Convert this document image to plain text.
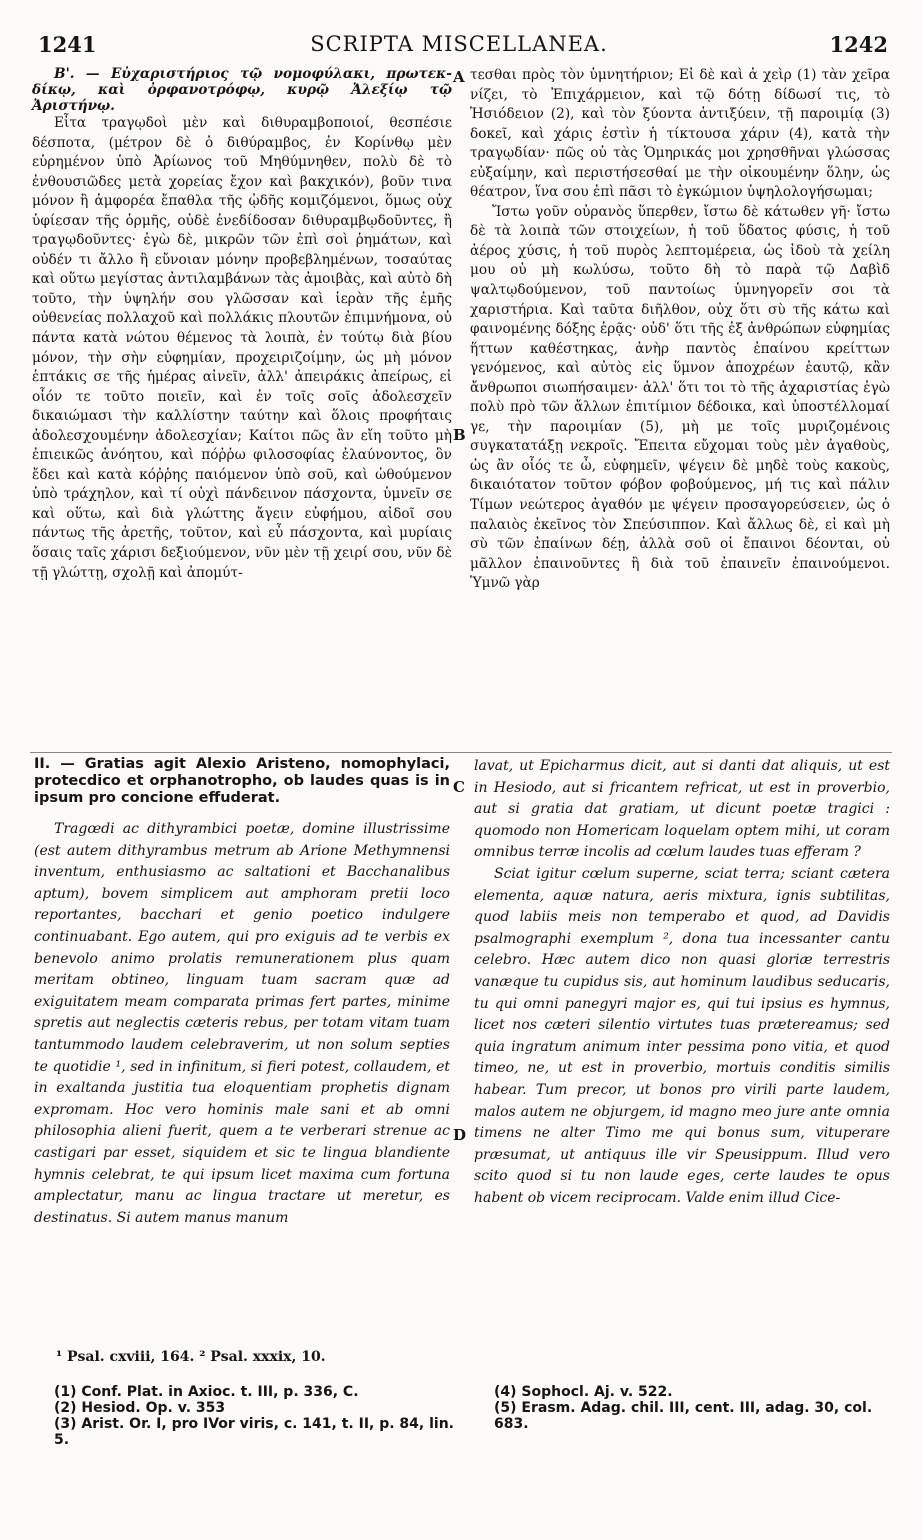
1241	SCRIPTA MISCELLANEA.	1242

Β'. — Εὐχαριστήριος τῷ νομοφύλακι, πρωτεκ-δίκῳ, καὶ ὀρφανοτρόφῳ, κυρῷ Ἀλεξίῳ τῷ Ἀριστήνῳ.

Εἶτα τραγῳδοὶ μὲν καὶ διθυραμβοποιοί, θεσπέσιε δέσποτα, (μέτρον δὲ ὁ διθύραμβος, ἐν Κορίνθῳ μὲν εὑρημένον ὑπὸ Ἀρίωνος τοῦ Μηθύμνηθεν, πολὺ δὲ τὸ ἐνθουσιῶδες μετὰ χορείας ἔχον καὶ βακχικόν), βοῦν τινα μόνον ἢ ἀμφορέα ἔπαθλα τῆς ᾠδῆς κομιζόμενοι, ὅμως οὐχ ὑφίεσαν τῆς ὁρμῆς, οὐδὲ ἐνεδίδοσαν διθυραμβῳδοῦντες, ἢ τραγῳδοῦντες· ἐγὼ δὲ, μικρῶν τῶν ἐπὶ σοὶ ῥημάτων, καὶ οὐδέν τι ἄλλο ἢ εὔνοιαν μόνην προβεβλημένων, τοσαύτας καὶ οὕτω μεγίστας ἀντιλαμβάνων τὰς ἀμοιβὰς, καὶ αὐτὸ δὴ τοῦτο, τὴν ὑψηλήν σου γλῶσσαν καὶ ἱερὰν τῆς ἐμῆς οὐθενείας πολλαχοῦ καὶ πολλάκις πλουτῶν ἐπιμνήμονα, οὐ πάντα κατὰ νώτου θέμενος τὰ λοιπὰ, ἐν τούτῳ διὰ βίου μόνον, τὴν σὴν εὐφημίαν, προχειριζοίμην, ὡς μὴ μόνον ἑπτάκις σε τῆς ἡμέρας αἰνεῖν, ἀλλ' ἀπειράκις ἀπείρως, εἰ οἷόν τε τοῦτο ποιεῖν, καὶ ἐν τοῖς σοῖς ἀδολεσχεῖν δικαιώμασι τὴν καλλίστην ταύτην καὶ ὅλοις προφήταις ἀδολεσχουμένην ἀδολεσχίαν; Καίτοι πῶς ἂν εἴη τοῦτο μὴ ἐπιεικῶς ἀνόητου, καὶ πόῤῥω φιλοσοφίας ἐλαύνοντος, ὃν ἔδει καὶ κατὰ κόῤῥης παιόμενον ὑπὸ σοῦ, καὶ ὠθούμενον ὑπὸ τράχηλον, καὶ τί οὐχὶ πάνδεινον πάσχοντα, ὑμνεῖν σε καὶ οὕτω, καὶ διὰ γλώττης ἄγειν εὐφήμου, αἰδοῖ σου πάντως τῆς ἀρετῆς, τοῦτον, καὶ εὖ πάσχοντα, καὶ μυρίαις ὅσαις ταῖς χάρισι δεξιούμενον, νῦν μὲν τῇ χειρί σου, νῦν δὲ τῇ γλώττῃ, σχολῇ καὶ ἀπομύτ-

τεσθαι πρὸς τὸν ὑμνητήριον; Εἰ δὲ καὶ ἁ χεὶρ (1) τὰν χεῖρα νίζει, τὸ Ἐπιχάρμειον, καὶ τῷ δότῃ δίδωσί τις, τὸ Ἡσιόδειον (2), καὶ τὸν ξύοντα ἀντιξύειν, τῇ παροιμίᾳ (3) δοκεῖ, καὶ χάρις ἐστὶν ἡ τίκτουσα χάριν (4), κατὰ τὴν τραγῳδίαν· πῶς οὐ τὰς Ὁμηρικάς μοι χρησθῆναι γλώσσας εὐξαίμην, καὶ περιστήσεσθαί με τὴν οἰκουμένην ὅλην, ὡς θέατρον, ἵνα σου ἐπὶ πᾶσι τὸ ἐγκώμιον ὑψηλολογήσωμαι;

Ἴστω γοῦν οὐρανὸς ὕπερθεν, ἴστω δὲ κάτωθεν γῆ· ἴστω δὲ τὰ λοιπὰ τῶν στοιχείων, ἡ τοῦ ὕδατος φύσις, ἡ τοῦ ἀέρος χύσις, ἡ τοῦ πυρὸς λεπτομέρεια, ὡς ἰδοὺ τὰ χείλη μου οὐ μὴ κωλύσω, τοῦτο δὴ τὸ παρὰ τῷ Δαβὶδ ψαλτῳδούμενον, τοῦ παντοίως ὑμνηγορεῖν σοι τὰ χαριστήρια. Καὶ ταῦτα διῆλθον, οὐχ ὅτι σὺ τῆς κάτω καὶ φαινομένης δόξης ἐρᾷς· οὐδ' ὅτι τῆς ἐξ ἀνθρώπων εὐφημίας ἥττων καθέστηκας, ἀνὴρ παντὸς ἐπαίνου κρείττων γενόμενος, καὶ αὐτὸς εἰς ὕμνον ἀποχρέων ἑαυτῷ, κἂν ἄνθρωποι σιωπήσαιμεν· ἀλλ' ὅτι τοι τὸ τῆς ἀχαριστίας ἐγὼ πολὺ πρὸ τῶν ἄλλων ἐπιτίμιον δέδοικα, καὶ ὑποστέλλομαί γε, τὴν παροιμίαν (5), μὴ με τοῖς μυριζομένοις συγκατατάξῃ νεκροῖς. Ἔπειτα εὔχομαι τοὺς μὲν ἀγαθοὺς, ὡς ἂν οἷός τε ὦ, εὐφημεῖν, ψέγειν δὲ μηδὲ τοὺς κακοὺς, δικαιότατον τοῦτον φόβον φοβούμενος, μή τις καὶ πάλιν Τίμων νεώτερος ἀγαθόν με ψέγειν προσαγορεύσειεν, ὡς ὁ παλαιὸς ἐκεῖνος τὸν Σπεύσιππον. Καὶ ἄλλως δὲ, εἰ καὶ μὴ σὺ τῶν ἐπαίνων δέῃ, ἀλλὰ σοῦ οἱ ἔπαινοι δέονται, οὐ μᾶλλον ἐπαινοῦντες ἢ διὰ τοῦ ἐπαινεῖν ἐπαινούμενοι. Ὑμνῶ γὰρ

A
B

II. — Gratias agit Alexio Aristeno, nomophylaci, protecdico et orphanotropho, ob laudes quas is in ipsum pro concione effuderat.

Tragœdi ac dithyrambici poetæ, domine illustrissime (est autem dithyrambus metrum ab Arione Methymnensi inventum, enthusiasmo ac saltationi et Bacchanalibus aptum), bovem simplicem aut amphoram pretii loco reportantes, bacchari et genio poetico indulgere continuabant. Ego autem, qui pro exiguis ad te verbis ex benevolo animo prolatis remunerationem plus quam meritam obtineo, linguam tuam sacram quæ ad exiguitatem meam comparata primas fert partes, minime spretis aut neglectis cæteris rebus, per totam vitam tuam tantummodo laudem celebraverim, ut non solum septies te quotidie ¹, sed in infinitum, si fieri potest, collaudem, et in exaltanda justitia tua eloquentiam prophetis dignam expromam. Hoc vero hominis male sani et ab omni philosophia alieni fuerit, quem a te verberari strenue ac castigari par esset, siquidem et sic te lingua blandiente hymnis celebrat, te qui ipsum licet maxima cum fortuna amplectatur, manu ac lingua tractare ut meretur, es destinatus. Si autem manus manum

lavat, ut Epicharmus dicit, aut si danti dat aliquis, ut est in Hesiodo, aut si fricantem refricat, ut est in proverbio, aut si gratia dat gratiam, ut dicunt poetæ tragici : quomodo non Homericam loquelam optem mihi, ut coram omnibus terræ incolis ad cœlum laudes tuas efferam ?

Sciat igitur cœlum superne, sciat terra; sciant cætera elementa, aquæ natura, aeris mixtura, ignis subtilitas, quod labiis meis non temperabo et quod, ad Davidis psalmographi exemplum ², dona tua incessanter cantu celebro. Hæc autem dico non quasi gloriæ terrestris vanæque tu cupidus sis, aut hominum laudibus seducaris, tu qui omni panegyri major es, qui tui ipsius es hymnus, licet nos cæteri silentio virtutes tuas prætereamus; sed quia ingratum animum inter pessima pono vitia, et quod timeo, ne, ut est in proverbio, mortuis conditis similis habear. Tum precor, ut bonos pro virili parte laudem, malos autem ne objurgem, id magno meo jure ante omnia timens ne alter Timo me qui bonus sum, vituperare præsumat, ut antiquus ille vir Speusippum. Illud vero scito quod si tu non laude eges, certe laudes te opus habent ob vicem reciprocam. Valde enim illud Cice-

C
D
¹ Psal. cxviii, 164. ² Psal. xxxix, 10.
(1) Conf. Plat. in Axioc. t. III, p. 336, C.
(2) Hesiod. Op. v. 353
(3) Arist. Or. I, pro IVor viris, c. 141, t. II, p. 84, lin. 5.
(4) Sophocl. Aj. v. 522.
(5) Erasm. Adag. chil. III, cent. III, adag. 30, col. 683.
